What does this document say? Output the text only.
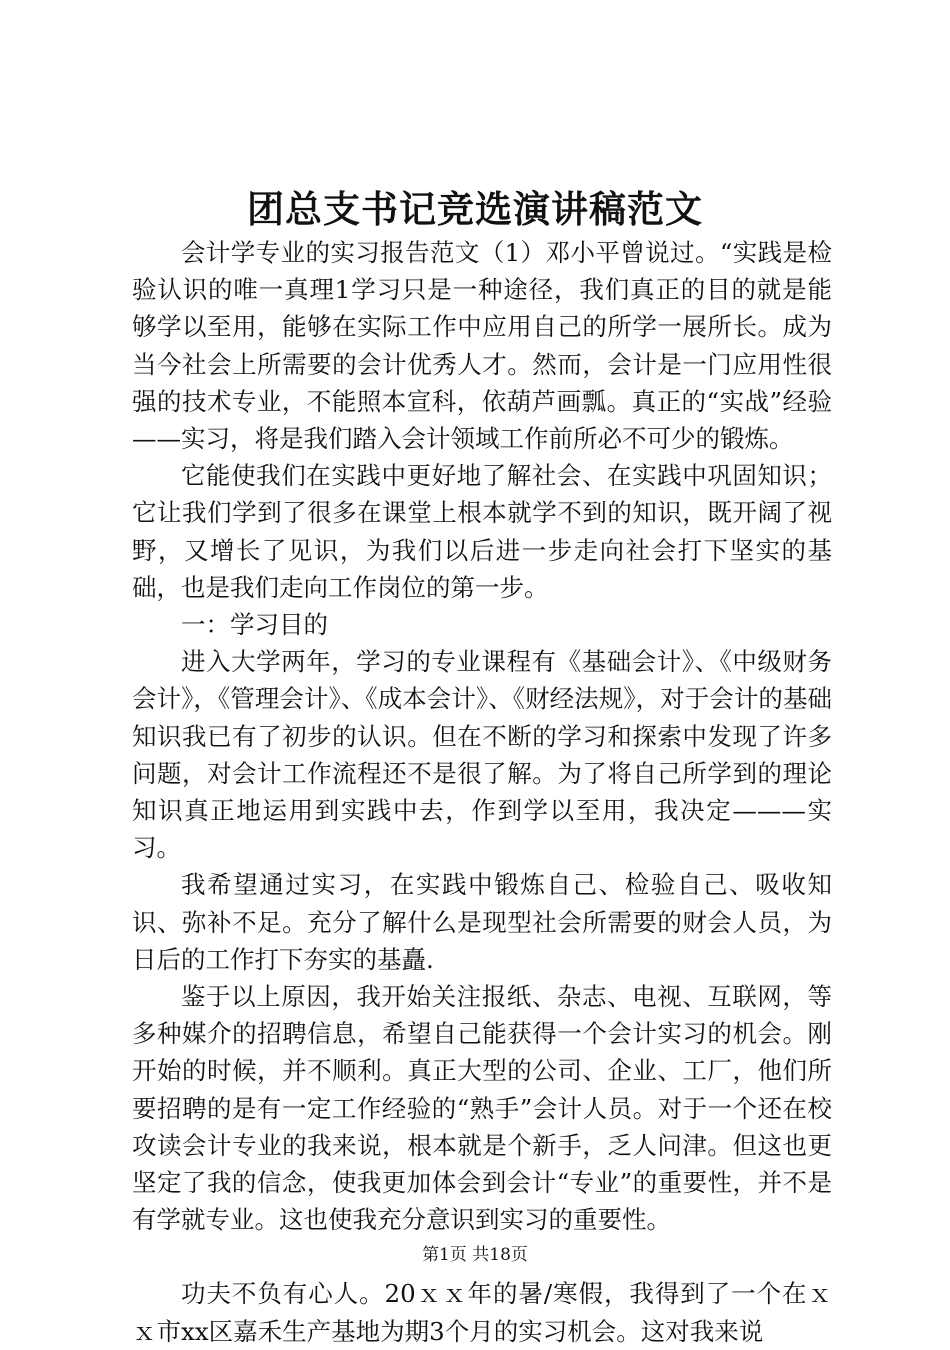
团总支书记竞选演讲稿范文

会计学专业的实习报告范文（1）邓小平曾说过。“实践是检验认识的唯一真理1学习只是一种途径，我们真正的目的就是能够学以至用，能够在实际工作中应用自己的所学一展所长。成为当今社会上所需要的会计优秀人才。然而，会计是一门应用性很强的技术专业，不能照本宣科，依葫芦画瓢。真正的“实战”经验——实习，将是我们踏入会计领域工作前所必不可少的锻炼。

它能使我们在实践中更好地了解社会、在实践中巩固知识；它让我们学到了很多在课堂上根本就学不到的知识，既开阔了视野，又增长了见识，为我们以后进一步走向社会打下坚实的基础，也是我们走向工作岗位的第一步。

一：学习目的

进入大学两年，学习的专业课程有《基础会计》、《中级财务会计》，《管理会计》、《成本会计》、《财经法规》，对于会计的基础知识我已有了初步的认识。但在不断的学习和探索中发现了许多问题，对会计工作流程还不是很了解。为了将自己所学到的理论知识真正地运用到实践中去，作到学以至用，我决定———实习。

我希望通过实习，在实践中锻炼自己、检验自己、吸收知识、弥补不足。充分了解什么是现型社会所需要的财会人员，为日后的工作打下夯实的基矗.

鉴于以上原因，我开始关注报纸、杂志、电视、互联网，等多种媒介的招聘信息，希望自己能获得一个会计实习的机会。刚开始的时候，并不顺利。真正大型的公司、企业、工厂，他们所要招聘的是有一定工作经验的“熟手”会计人员。对于一个还在校攻读会计专业的我来说，根本就是个新手，乏人问津。但这也更坚定了我的信念，使我更加体会到会计“专业”的重要性，并不是有学就专业。这也使我充分意识到实习的重要性。

功夫不负有心人。20ｘｘ年的暑/寒假，我得到了一个在ｘｘ市xx区嘉禾生产基地为期3个月的实习机会。这对我来说

第1页 共18页
